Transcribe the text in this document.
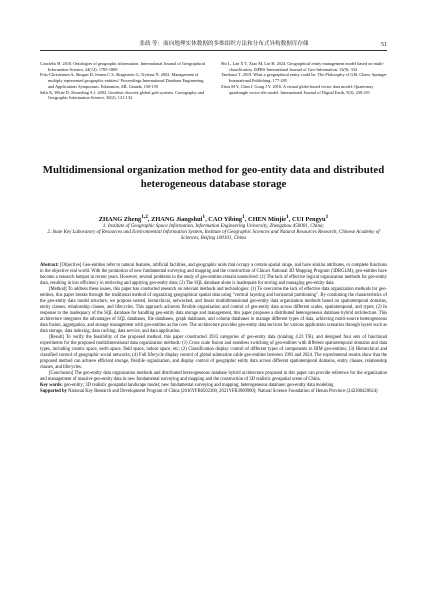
张政 等：面向地理实体数据的多维组织方法和分布式异构数据库存储	51
Couclelis H. 2010. Ontologies of geographic information. International Journal of Geographical Information Science, 24(12): 1785-1809
Frits-Christensen A, Skogan D, Jensen C S, Skagestein G, Tryfona N. 2002. Management of multiply represented geographic entities// Proceedings International Database Engineering and Applications Symposium. Edmonton, AB, Canada. 150-159
Salir K, White D, Kimerling A J. 2003. Geodesic discrete global grid systems. Cartography and Geographic Information Science, 30(2): 121-134
Shi L, Lan X T, Xiao M, Lin H. 2024. Geographical entity management model based on multi-classification. ISPRS International Journal of Geo-Information, 13(9): 334
Tambassi T. 2019. What a geographical entity could be. The Philosophy of GIS. Cham: Springer International Publishing: 177-205
Zhou M Y, Chen J, Gong J Y. 2016. A virtual globe-based vector data model: Quaternary quadrangle vector tile model. International Journal of Digital Earth, 9(3): 230-251
Multidimensional organization method for geo-entity data and distributed heterogeneous database storage
ZHANG Zheng$^{1,2}$, ZHANG Jiangshui$^1$, CAO Yibing$^1$, CHEN Minjie$^1$, CUI Pengyu$^1$
1. Institute of Geographic Space Information, Information Engineering University, Zhengzhou 450001, China;
2. State Key Laboratory of Resources and Environmental Information System, Institute of Geographic Sciences and Natural Resources Research, Chinese Academy of Sciences, Beijing 100101, China

Abstract: [Objective] Geo-entities refer to natural features, artificial facilities, and geographic units that occupy a certain spatial range, and have similar attributes, or complete functions in the objective real world. With the promotion of new fundamental surveying and mapping and the construction of China's National 3D Mapping Program (3DRGLM), geo-entities have become a research hotspot in recent years. However, several problems in the study of geo-entities remain unresolved: (1) The lack of effective logical organization methods for geo-entity data, resulting in low efficiency in retrieving and applying geo-entity data; (2) The SQL database alone is inadequate for storing and managing geo-entity data.

[Method] To address these issues, this paper has conducted research on relevant methods and technologies: (1) To overcome the lack of effective data organization methods for geo-entities, this paper breaks through the traditional method of organizing geographical spatial data using "vertical layering and horizontal partitioning". By combining the characteristics of the geo-entity data model structure, we propose nested, hierarchical, networked, and linear multidimensional geo-entity data organization methods based on spatiotemporal domains, entity classes, relationship classes, and lifecycles. This approach achieves flexible organization and control of geo-entity data across different scales, spatiotemporal, and types; (2) In response to the inadequacy of the SQL database for handling geo-entity data storage and management, this paper proposes a distributed heterogeneous database hybrid architecture. This architecture integrates the advantages of SQL databases, file databases, graph databases, and column databases to manage different types of data, achieving multi-source heterogeneous data fusion, aggregation, and storage management with geo-entities as the core. The architecture provides geo-entity data services for various application scenarios through layers such as data storage, data indexing, data caching, data service, and data application.

[Result] To verify the feasibility of the proposed method, this paper constructed 3933 categories of geo-entity data (totaling 4.23 TB), and designed four sets of functional experiments for the proposed multidimensional data organization methods: (1) Cross scale fusion and seamless switching of geo-entities with different spatiotemporal domains and data types, including cosmic space, earth space, field space, indoor space, etc; (2) Classification display control of different types of components in BIM geo-entities; (3) Hierarchical and classified control of geographic social networks; (4) Full lifecycle display control of global submarine cable geo-entities between 1993 and 2024. The experimental results show that the proposed method can achieve efficient storage, flexible organization, and display control of geographic entity data across different spatiotemporal domains, entity classes, relationship classes, and lifecycles.

[Conclusion] The geo-entity data organization methods and distributed heterogeneous database hybrid architecture proposed in this paper can provide reference for the organization and management of massive geo-entity data in new fundamental surveying and mapping and the construction of 3D realistic geospatial scene of China.

Key words: geo-entity; 3D realistic geospatial landscape model; new fundamental surveying and mapping; heterogeneous database; geo-entity data modeling

Supported by National Key Research and Development Program of China (2016YFB0502300, 2021YFB3900900); Natural Science Foundation of Henan Province (242300420624)
